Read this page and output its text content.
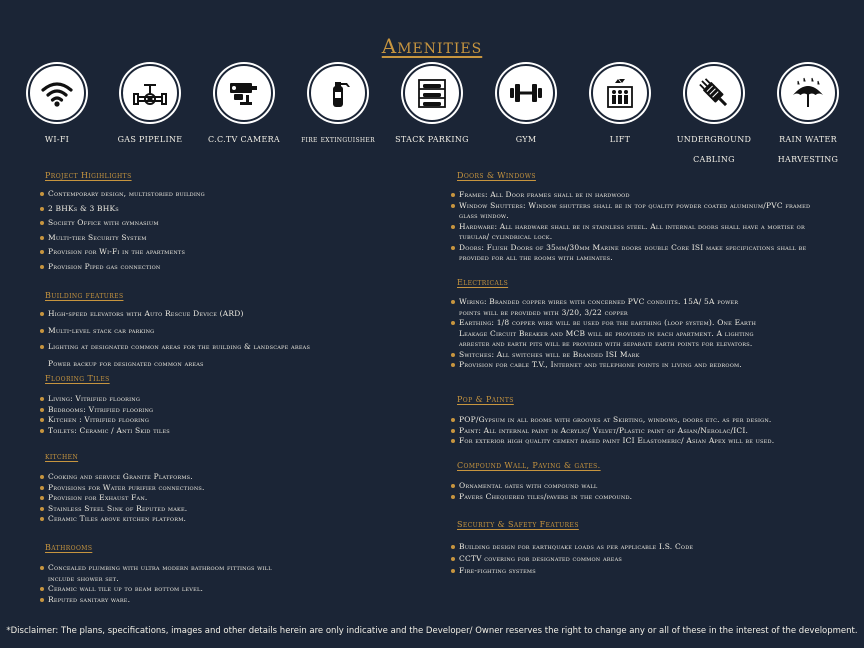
Amenities
WI-FI	GAS PIPELINE	C.C.TV CAMERA	fire extinguisher	STACK PARKING	GYM	LIFT	UNDERGROUND CABLING
RAIN WATER HARVESTING
Project Higihlights
Contemporary design, multistoried building
2 BHKs & 3 BHKs
Society Office with gymnasium
Multi-tier Security System
Provision for Wi-Fi in the apartments
Provision Piped gas connection
Building features
High-speed elevators with Auto Rescue Device (ARD)
Multi-level stack car parking
Lighting at designated common areas for the building & landscape areas
Power backup for designated common areas
Flooring Tiles
Living: Vitrified flooring
Bedrooms: Vitrified flooring
Kitchen : Vitrified flooring
Toilets: Ceramic / Anti Skid tiles
kitchen
Cooking and service Granite Platforms.
Provisions for Water purifier connections.
Provision for Exhaust Fan.
Stainless Steel Sink of Reputed make.
Ceramic Tiles above kitchen platform.
Bathrooms
Concealed plumbing with ultra modern bathroom fittings will include shower set.
Ceramic wall tile up to beam bottom level.
Reputed sanitary ware.
Doors & Windows
Frames: All Door frames shall be in hardwood
Window Shutters: Window shutters shall be in top quality powder coated aluminum/PVC framed glass window.
Hardware: All hardware shall be in stainless steel. All internal doors shall have a mortise or tubular/ cylindrical lock.
Doors: Flush Doors of 35mm/30mm Marine doors double Core ISI make specifications shall be provided for all the rooms with laminates.
Electricals
Wiring: Branded copper wires with concerned PVC conduits. 15A/ 5A power points will be provided with 3/20, 3/22 copper
Earthing: 1/8 copper wire will be used for the earthing (loop system). One Earth Leakage Circuit Breaker and MCB will be provided in each apartment. A lighting arrester and earth pits will be provided with separate earth points for elevators.
Switches: All switches will be Branded ISI Mark
Provision for cable T.V., Internet and telephone points in living and bedroom.
Pop & Paints
POP/Gypsum in all rooms with grooves at Skirting, windows, doors etc. as per design.
Paint: All internal paint in Acrylic/ Velvet/Plastic paint of Asian/Nerolac/ICI.
For exterior high quality cement based paint ICI Elastomeric/ Asian Apex will be used.
Compound Wall, Paving & gates.
Ornamental gates with compound wall
Pavers Chequered tiles/pavers in the compound.
Security & Safety Features
Building design for earthquake loads as per applicable I.S. Code
CCTV covering for designated common areas
Fire-fighting systems
*Disclaimer: The plans, specifications, images and other details herein are only indicative and the Developer/ Owner reserves the right to change any or all of these in the interest of the development.
